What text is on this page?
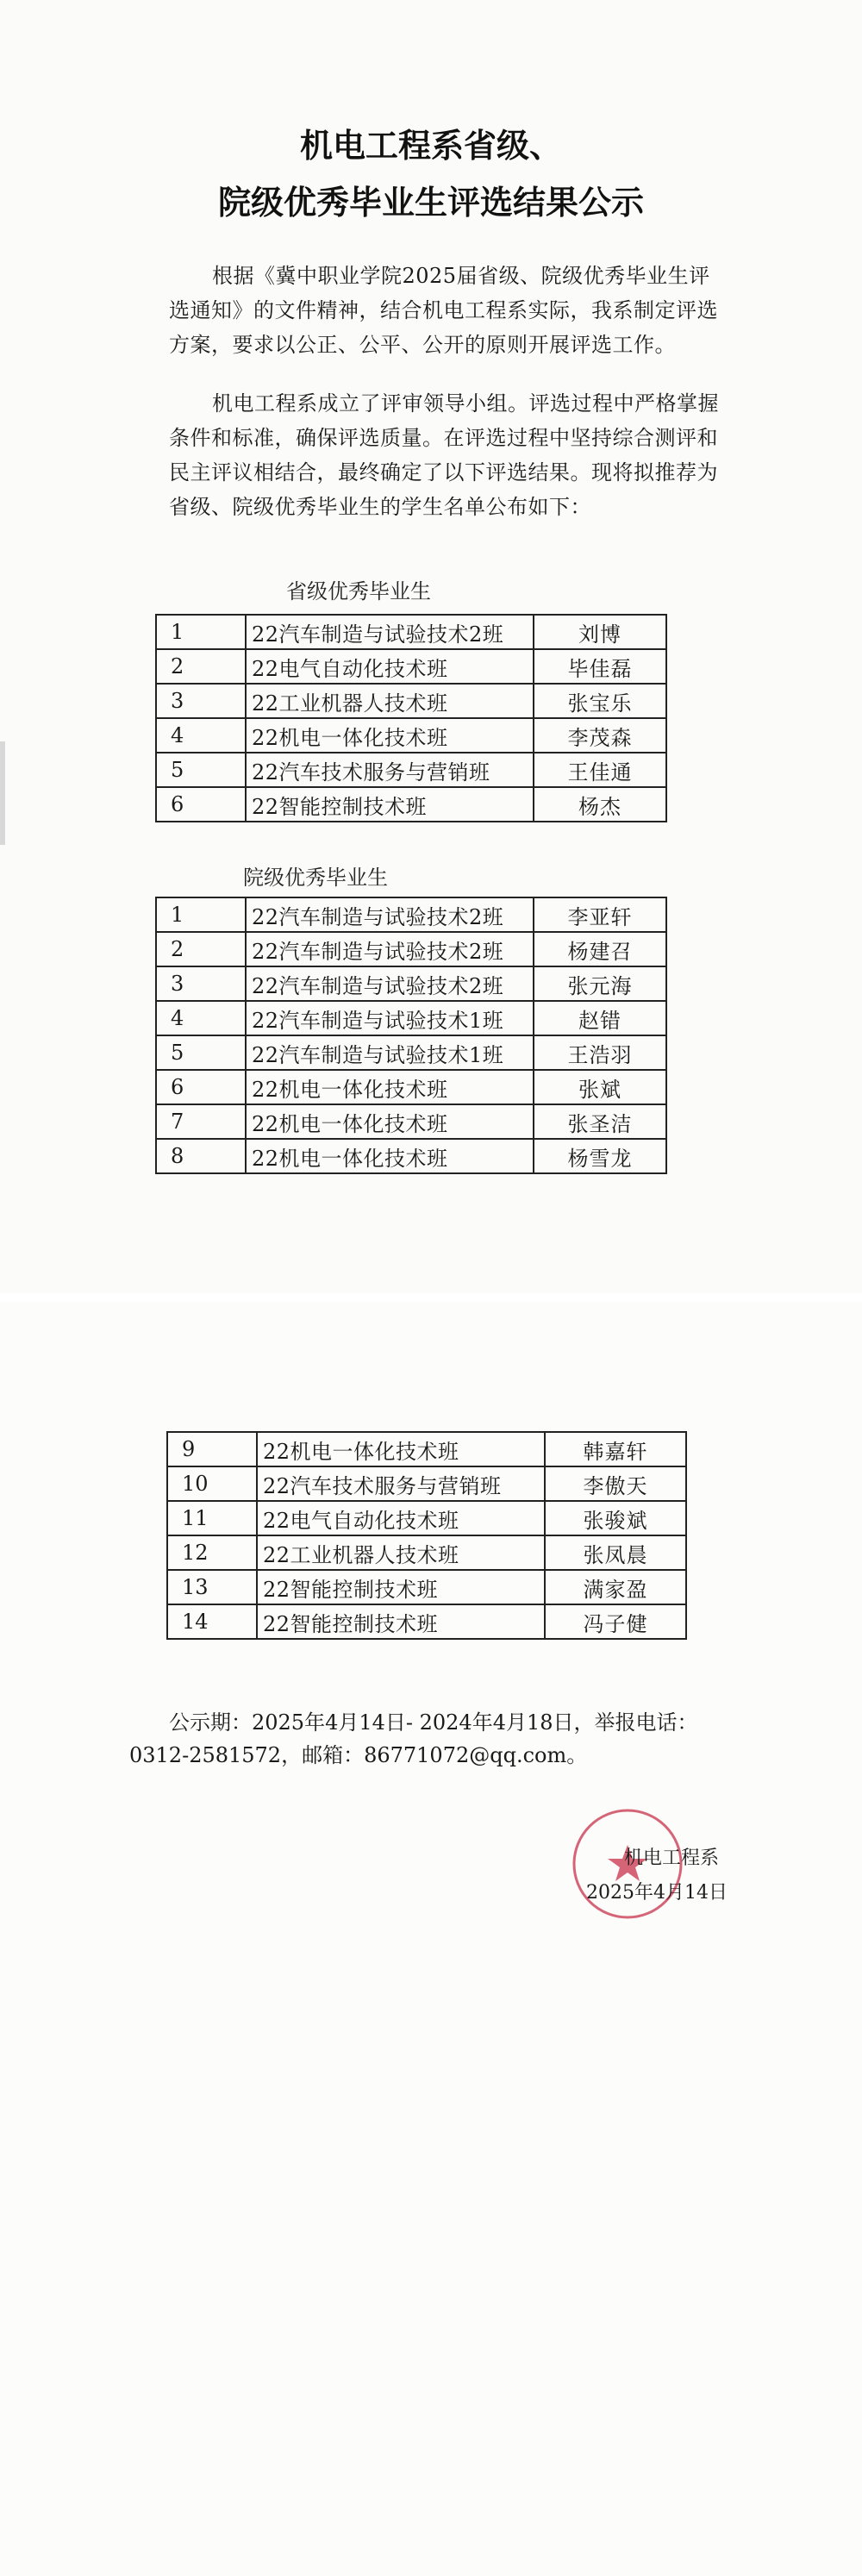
机电工程系省级、
院级优秀毕业生评选结果公示
根据《冀中职业学院2025届省级、院级优秀毕业生评选通知》的文件精神，结合机电工程系实际，我系制定评选方案，要求以公正、公平、公开的原则开展评选工作。
机电工程系成立了评审领导小组。评选过程中严格掌握条件和标准，确保评选质量。在评选过程中坚持综合测评和民主评议相结合，最终确定了以下评选结果。现将拟推荐为省级、院级优秀毕业生的学生名单公布如下：
省级优秀毕业生
1	22汽车制造与试验技术2班	刘博
2	22电气自动化技术班	毕佳磊
3	22工业机器人技术班	张宝乐
4	22机电一体化技术班	李茂森
5	22汽车技术服务与营销班	王佳通
6	22智能控制技术班	杨杰
院级优秀毕业生
1	22汽车制造与试验技术2班	李亚轩
2	22汽车制造与试验技术2班	杨建召
3	22汽车制造与试验技术2班	张元海
4	22汽车制造与试验技术1班	赵错
5	22汽车制造与试验技术1班	王浩羽
6	22机电一体化技术班	张斌
7	22机电一体化技术班	张圣洁
8	22机电一体化技术班	杨雪龙
9	22机电一体化技术班	韩嘉轩
10	22汽车技术服务与营销班	李傲天
11	22电气自动化技术班	张骏斌
12	22工业机器人技术班	张凤晨
13	22智能控制技术班	满家盈
14	22智能控制技术班	冯子健
公示期：2025年4月14日- 2024年4月18日，举报电话：
0312-2581572，邮箱：86771072@qq.com。
机电工程系
2025年4月14日
